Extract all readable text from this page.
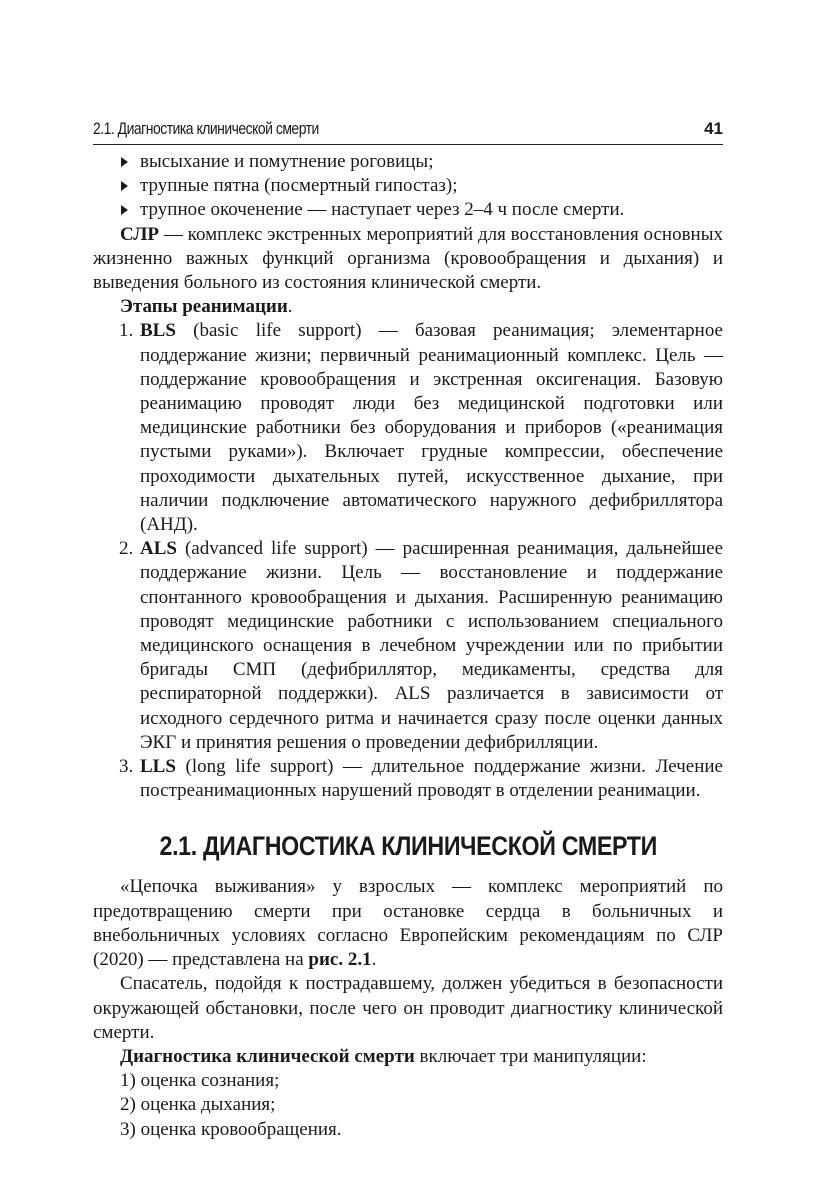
2.1. Диагностика клинической смерти	41

высыхание и помутнение роговицы;

трупные пятна (посмертный гипостаз);

трупное окоченение — наступает через 2–4 ч после смерти.

СЛР — комплекс экстренных мероприятий для восстановления основных жизненно важных функций организма (кровообращения и дыхания) и выведения больного из состояния клинической смерти.

Этапы реанимации.

1. BLS (basic life support) — базовая реанимация; элементарное поддержание жизни; первичный реанимационный комплекс. Цель — поддержание кровообращения и экстренная оксигенация. Базовую реанимацию проводят люди без медицинской подготовки или медицинские работники без оборудования и приборов («реанимация пустыми руками»). Включает грудные компрессии, обеспечение проходимости дыхательных путей, искусственное дыхание, при наличии подключение автоматического наружного дефибриллятора (АНД).

2. ALS (advanced life support) — расширенная реанимация, дальнейшее поддержание жизни. Цель — восстановление и поддержание спонтанного кровообращения и дыхания. Расширенную реанимацию проводят медицинские работники с использованием специального медицинского оснащения в лечебном учреждении или по прибытии бригады СМП (дефибриллятор, медикаменты, средства для респираторной поддержки). ALS различается в зависимости от исходного сердечного ритма и начинается сразу после оценки данных ЭКГ и принятия решения о проведении дефибрилляции.

3. LLS (long life support) — длительное поддержание жизни. Лечение постреанимационных нарушений проводят в отделении реанимации.

2.1. ДИАГНОСТИКА КЛИНИЧЕСКОЙ СМЕРТИ

«Цепочка выживания» у взрослых — комплекс мероприятий по предотвращению смерти при остановке сердца в больничных и внебольничных условиях согласно Европейским рекомендациям по СЛР (2020) — представлена на рис. 2.1.

Спасатель, подойдя к пострадавшему, должен убедиться в безопасности окружающей обстановки, после чего он проводит диагностику клинической смерти.

Диагностика клинической смерти включает три манипуляции:

1) оценка сознания;

2) оценка дыхания;

3) оценка кровообращения.
